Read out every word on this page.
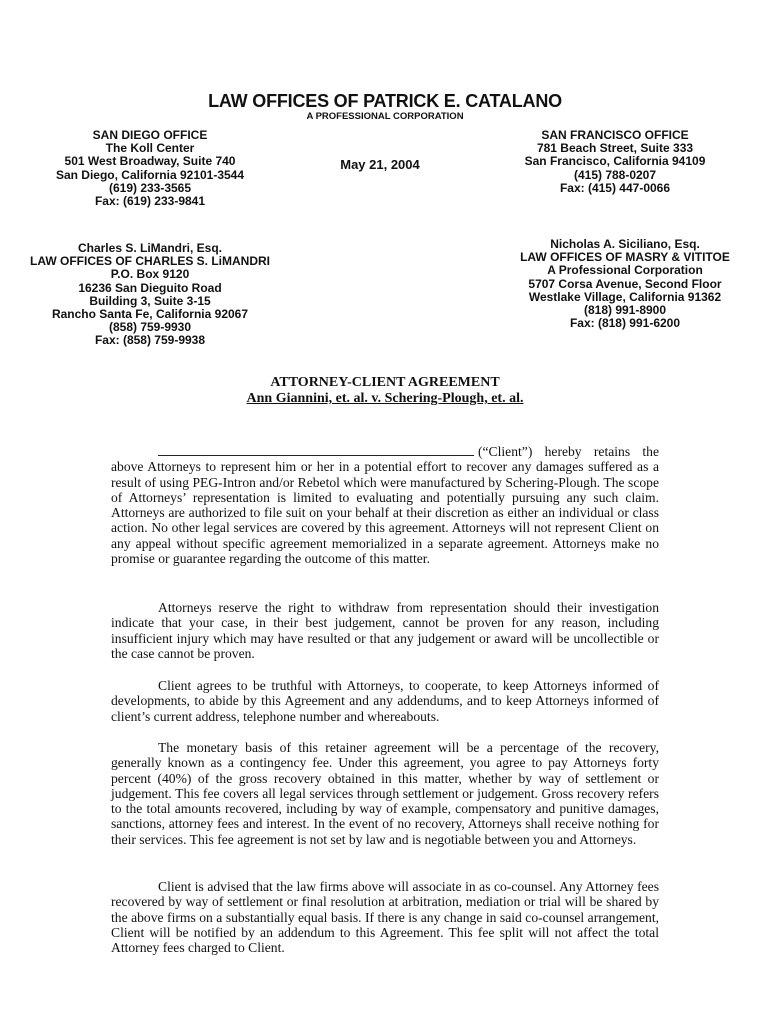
LAW OFFICES OF PATRICK E. CATALANO
A PROFESSIONAL CORPORATION
SAN DIEGO OFFICE
The Koll Center
501 West Broadway, Suite 740
San Diego, California 92101-3544
(619) 233-3565
Fax: (619) 233-9841
May 21, 2004
SAN FRANCISCO OFFICE
781 Beach Street, Suite 333
San Francisco, California 94109
(415) 788-0207
Fax: (415) 447-0066
Charles S. LiMandri, Esq.
LAW OFFICES OF CHARLES S. LiMANDRI
P.O. Box 9120
16236 San Dieguito Road
Building 3, Suite 3-15
Rancho Santa Fe, California 92067
(858) 759-9930
Fax: (858) 759-9938
Nicholas A. Siciliano, Esq.
LAW OFFICES OF MASRY & VITITOE
A Professional Corporation
5707 Corsa Avenue, Second Floor
Westlake Village, California 91362
(818) 991-8900
Fax: (818) 991-6200
ATTORNEY-CLIENT AGREEMENT
Ann Giannini, et. al. v. Schering-Plough, et. al.

(“Client”) hereby retains the above Attorneys to represent him or her in a potential effort to recover any damages suffered as a result of using PEG-Intron and/or Rebetol which were manufactured by Schering-Plough. The scope of Attorneys’ representation is limited to evaluating and potentially pursuing any such claim. Attorneys are authorized to file suit on your behalf at their discretion as either an individual or class action. No other legal services are covered by this agreement. Attorneys will not represent Client on any appeal without specific agreement memorialized in a separate agreement. Attorneys make no promise or guarantee regarding the outcome of this matter.

Attorneys reserve the right to withdraw from representation should their investigation indicate that your case, in their best judgement, cannot be proven for any reason, including insufficient injury which may have resulted or that any judgement or award will be uncollectible or the case cannot be proven.

Client agrees to be truthful with Attorneys, to cooperate, to keep Attorneys informed of developments, to abide by this Agreement and any addendums, and to keep Attorneys informed of client’s current address, telephone number and whereabouts.

The monetary basis of this retainer agreement will be a percentage of the recovery, generally known as a contingency fee. Under this agreement, you agree to pay Attorneys forty percent (40%) of the gross recovery obtained in this matter, whether by way of settlement or judgement. This fee covers all legal services through settlement or judgement. Gross recovery refers to the total amounts recovered, including by way of example, compensatory and punitive damages, sanctions, attorney fees and interest. In the event of no recovery, Attorneys shall receive nothing for their services. This fee agreement is not set by law and is negotiable between you and Attorneys.

Client is advised that the law firms above will associate in as co-counsel. Any Attorney fees recovered by way of settlement or final resolution at arbitration, mediation or trial will be shared by the above firms on a substantially equal basis. If there is any change in said co-counsel arrangement, Client will be notified by an addendum to this Agreement. This fee split will not affect the total Attorney fees charged to Client.
